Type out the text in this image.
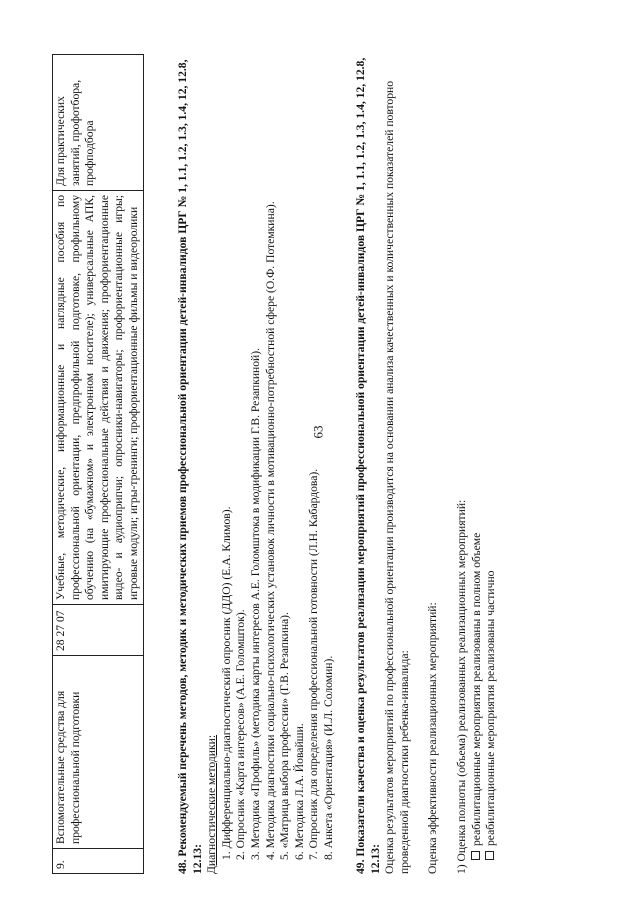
63
9.	Вспомогательные средства для профессиональной подготовки	28 27 07	Учебные, методические, информационные и наглядные пособия по профессиональной ориентации, предпрофильной подготовке, профильному обучению (на «бумажном» и электронном носителе); универсальные АПК, имитирующие профессиональные действия и движения; профориентационные видео- и аудиоприпчи; опросники-навигаторы; профориентационные игры; игровые модули; игры-тренинги; профориентационные фильмы и видеоролики	Для практических занятий, профотбора, профподбора	48. Рекомендуемый перечень методов, методик и методических приемов профессиональной ориентации детей-инвалидов ЦРГ № 1, 1.1, 1.2, 1.3, 1.4, 12, 12.8, 12.13: Диагностические методики: 1. Дифференциально-диагностический опросник (ДДО) (Е.А. Климов). 2. Опросник «Карта интересов» (А.Е. Голомшток). 3. Методика «Профиль» (методика карты интересов А.Е. Голомштока в модификации Г.В. Резапкиной). 4. Методика диагностики социально-психологических установок личности в мотивационно-потребностной сфере (О.Ф. Потемкина). 5. «Матрица выбора профессии» (Г.В. Резапкина). 6. Методика Л.А. Йовайши. 7. Опросник для определения профессиональной готовности (Л.Н. Кабардова). 8. Анкета «Ориентация» (И.Л. Соломин). 49. Показатели качества и оценка результатов реализации мероприятий профессиональной ориентации детей-инвалидов ЦРГ № 1, 1.1, 1.2, 1.3, 1.4, 12, 12.8, 12.13: Оценка результатов мероприятий по профессиональной ориентации производится на основании анализа качественных и количественных показателей повторно проведенной диагностики ребенка-инвалида: Оценка эффективности реализационных мероприятий: 1) Оценка полноты (объема) реализованных реализационных мероприятий: реабилитационные мероприятия реализованы в полном объеме реабилитационные мероприятия реализованы частично
